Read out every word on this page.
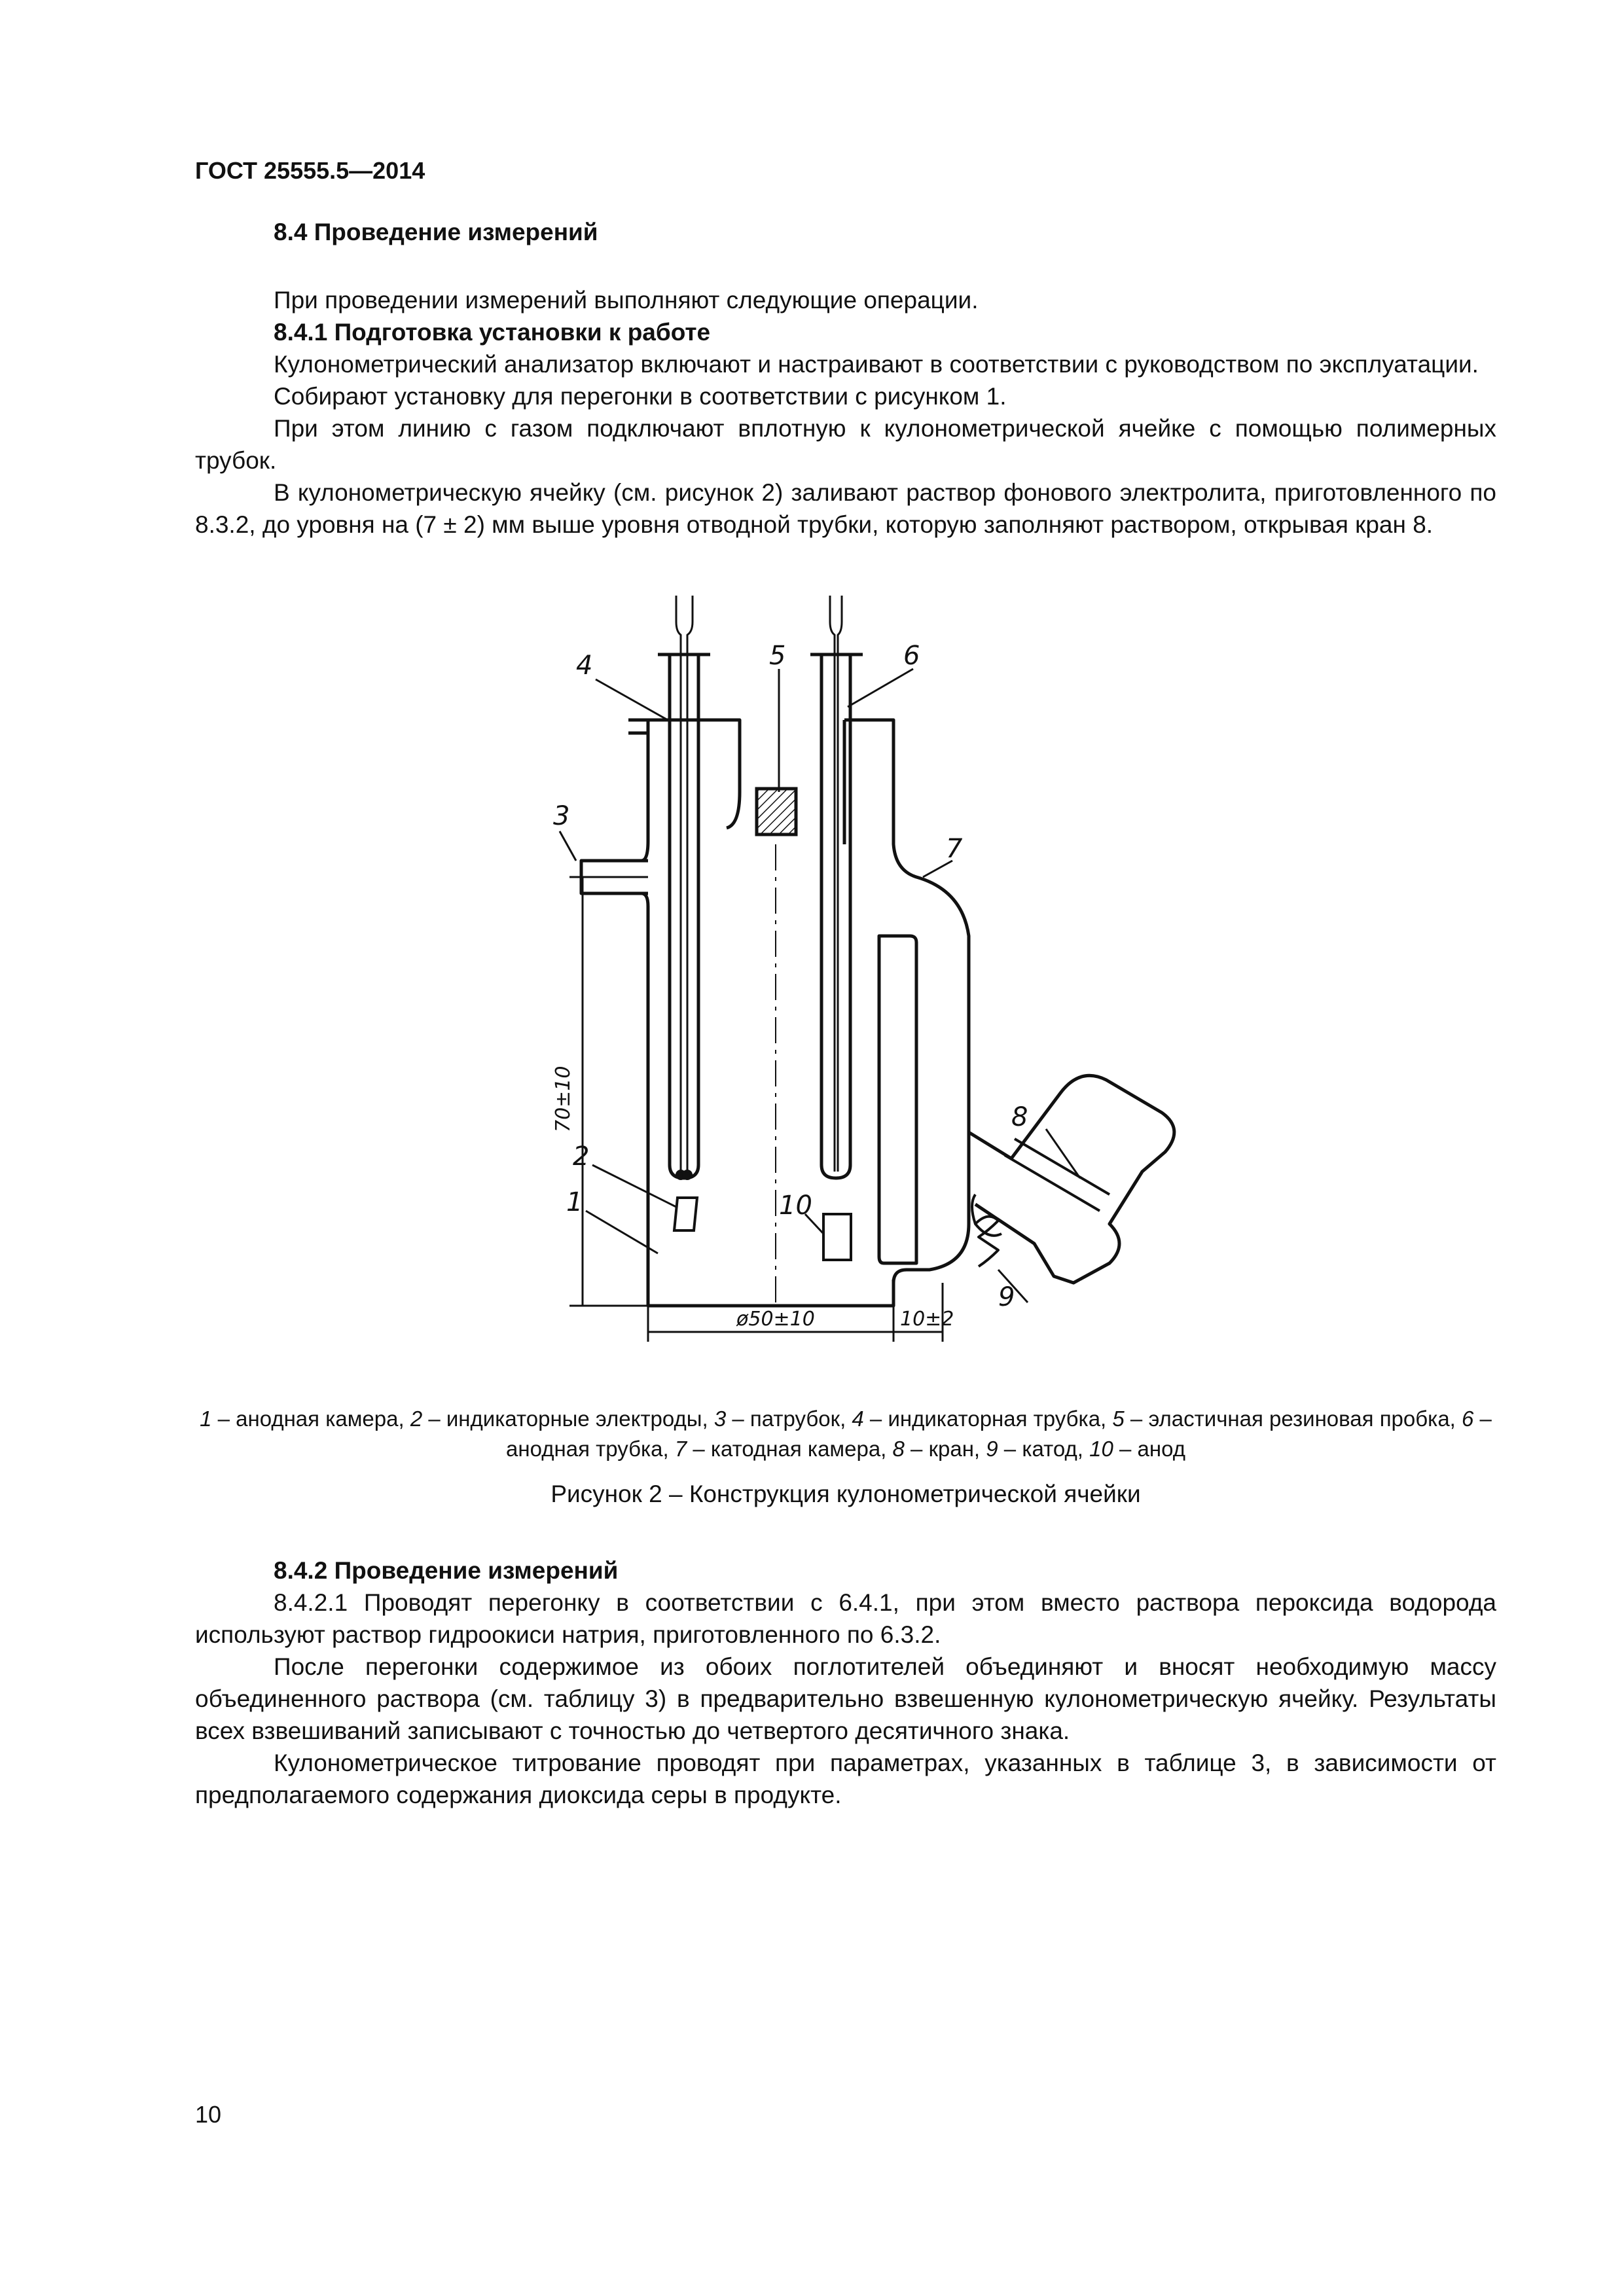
ГОСТ 25555.5—2014

8.4 Проведение измерений

При проведении измерений выполняют следующие операции.

8.4.1 Подготовка установки к работе

Кулонометрический анализатор включают и настраивают в соответствии с руководством по эксплуатации.

Собирают установку для перегонки в соответствии с рисунком 1.

При этом линию с газом подключают вплотную к кулонометрической ячейке с помощью полимерных трубок.

В кулонометрическую ячейку (см. рисунок 2) заливают раствор фонового электролита, приготовленного по 8.3.2, до уровня на (7 ± 2) мм выше уровня отводной трубки, которую заполняют раствором, открывая кран 8.

4	5	6
3
7
8
2
1	10
9
70±10
ø50±10	10±2
1 – анодная камера, 2 – индикаторные электроды, 3 – патрубок, 4 – индикаторная трубка, 5 – эластичная резиновая пробка, 6 – анодная трубка, 7 – катодная камера, 8 – кран, 9 – катод, 10 – анод
Рисунок 2 – Конструкция кулонометрической ячейки

8.4.2 Проведение измерений

8.4.2.1 Проводят перегонку в соответствии с 6.4.1, при этом вместо раствора пероксида водорода используют раствор гидроокиси натрия, приготовленного по 6.3.2.

После перегонки содержимое из обоих поглотителей объединяют и вносят необходимую массу объединенного раствора (см. таблицу 3) в предварительно взвешенную кулонометрическую ячейку. Результаты всех взвешиваний записывают с точностью до четвертого десятичного знака.

Кулонометрическое титрование проводят при параметрах, указанных в таблице 3, в зависимости от предполагаемого содержания диоксида серы в продукте.

10
